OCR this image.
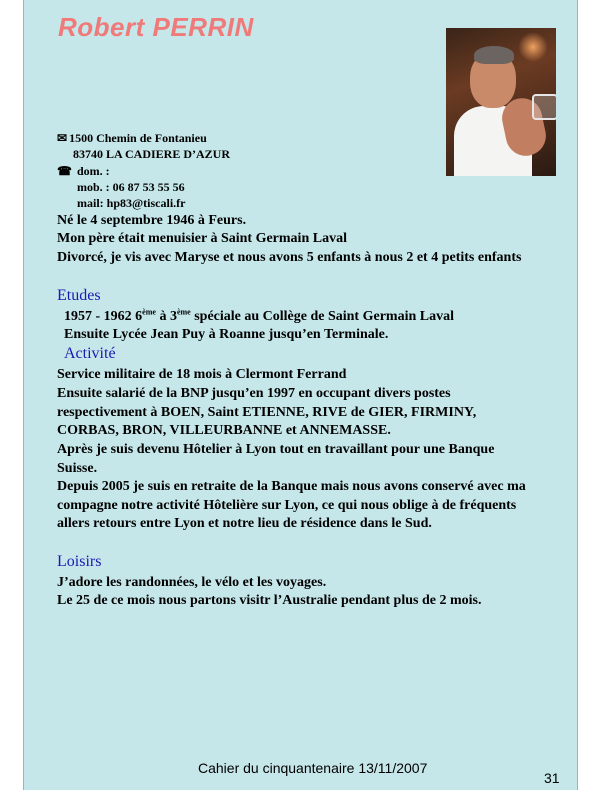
Robert PERRIN
✉ 1500 Chemin de Fontanieu
83740 LA CADIERE D’AZUR
☎ dom. :
mob. : 06 87 53 55 56
mail: hp83@tiscali.fr
Né le 4 septembre 1946 à Feurs.
Mon père était menuisier à Saint Germain Laval
Divorcé, je vis avec Maryse et nous avons 5 enfants à nous 2 et 4 petits enfants
Etudes
1957 - 1962 6ème à 3ème spéciale au Collège de Saint Germain Laval
Ensuite Lycée Jean Puy à Roanne jusqu’en Terminale.
Activité
Service militaire de 18 mois à Clermont Ferrand
Ensuite salarié de la BNP jusqu’en 1997 en occupant divers postes respectivement à BOEN, Saint ETIENNE, RIVE de GIER, FIRMINY, CORBAS, BRON, VILLEURBANNE et ANNEMASSE.
Après je suis devenu Hôtelier à Lyon tout en travaillant pour une Banque Suisse.
Depuis 2005 je suis en retraite de la Banque mais nous avons conservé avec ma compagne notre activité Hôtelière sur Lyon, ce qui nous oblige à de fréquents allers retours entre Lyon et notre lieu de résidence dans le Sud.
Loisirs
J’adore les randonnées, le vélo et les voyages.
Le 25 de ce mois nous partons visitr l’Australie pendant plus de 2 mois.
Cahier du cinquantenaire 13/11/2007
31
